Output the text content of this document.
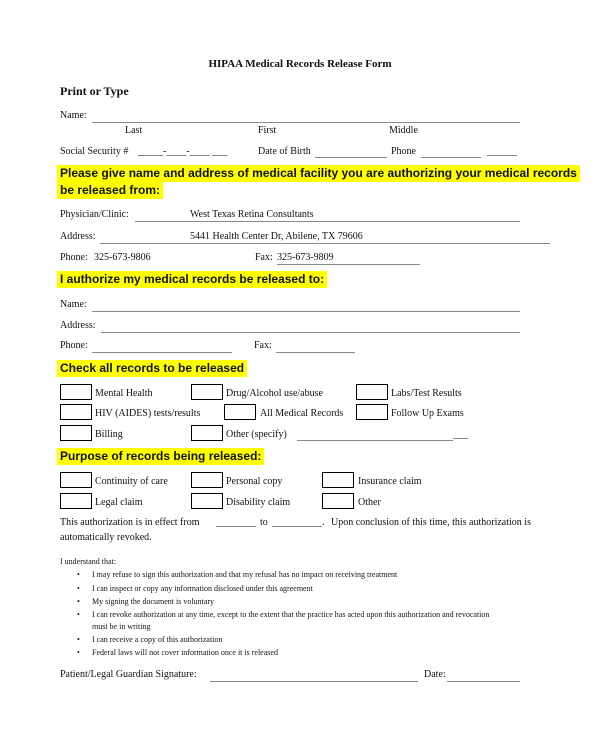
HIPAA Medical Records Release Form
Print or Type
Name:
Last	First	Middle
Social Security # _____-____-____ ___	Date of Birth	Phone	______
Please give name and address of medical facility you are authorizing your medical records
be released from:
Physician/Clinic:	West Texas Retina Consultants
Address:	5441 Health Center Dr, Abilene, TX 79606
Phone: 325-673-9806	Fax: 325-673-9809
I authorize my medical records be released to:
Name:
Address:
Phone:	Fax:
Check all records to be released
Mental Health	Drug/Alcohol use/abuse	Labs/Test Results
HIV (AIDES) tests/results	All Medical Records	Follow Up Exams
Billing	Other (specify)	___
Purpose of records being released:
Continuity of care	Personal copy	Insurance claim
Legal claim	Disability claim	Other
This authorization is in effect from ________ to __________. Upon conclusion of this time, this authorization is
automatically revoked.
I understand that:
• I may refuse to sign this authorization and that my refusal has no impact on receiving treatment
• I can inspect or copy any information disclosed under this agreement
• My signing the document is voluntary
• I can revoke authorization at any time, except to the extent that the practice has acted upon this authorization and revocation
must be in writing
• I can receive a copy of this authorization
• Federal laws will not cover information once it is released
Patient/Legal Guardian Signature:	Date:
